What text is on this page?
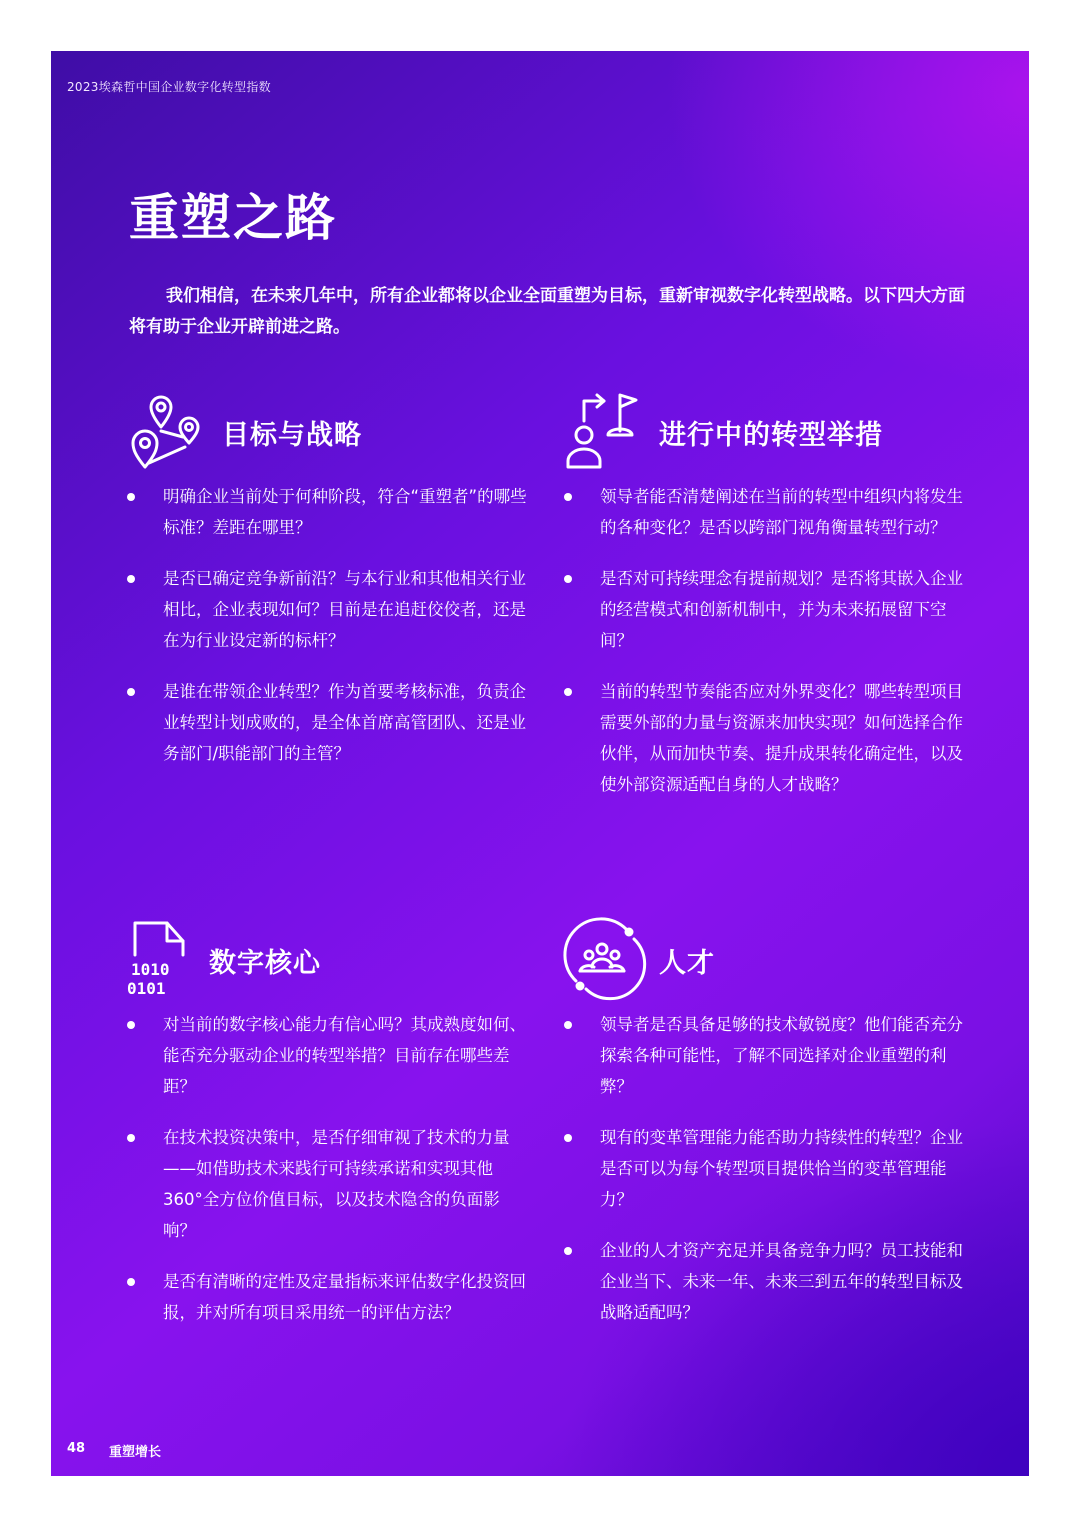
2023埃森哲中国企业数字化转型指数
重塑之路

我们相信，在未来几年中，所有企业都将以企业全面重塑为目标，重新审视数字化转型战略。以下四大方面将有助于企业开辟前进之路。

目标与战略
明确企业当前处于何种阶段，符合“重塑者”的哪些标准？差距在哪里？
是否已确定竞争新前沿？与本行业和其他相关行业相比，企业表现如何？目前是在追赶佼佼者，还是在为行业设定新的标杆？
是谁在带领企业转型？作为首要考核标准，负责企业转型计划成败的，是全体首席高管团队、还是业务部门/职能部门的主管？
进行中的转型举措
领导者能否清楚阐述在当前的转型中组织内将发生的各种变化？是否以跨部门视角衡量转型行动？
是否对可持续理念有提前规划？是否将其嵌入企业的经营模式和创新机制中，并为未来拓展留下空间？
当前的转型节奏能否应对外界变化？哪些转型项目需要外部的力量与资源来加快实现？如何选择合作伙伴，从而加快节奏、提升成果转化确定性，以及使外部资源适配自身的人才战略？
1010
0101
数字核心
对当前的数字核心能力有信心吗？其成熟度如何、能否充分驱动企业的转型举措？目前存在哪些差距？
在技术投资决策中，是否仔细审视了技术的力量——如借助技术来践行可持续承诺和实现其他360°全方位价值目标，以及技术隐含的负面影响？
是否有清晰的定性及定量指标来评估数字化投资回报，并对所有项目采用统一的评估方法？
人才
领导者是否具备足够的技术敏锐度？他们能否充分探索各种可能性，了解不同选择对企业重塑的利弊？
现有的变革管理能力能否助力持续性的转型？企业是否可以为每个转型项目提供恰当的变革管理能力？
企业的人才资产充足并具备竞争力吗？员工技能和企业当下、未来一年、未来三到五年的转型目标及战略适配吗？
48 重塑增长
